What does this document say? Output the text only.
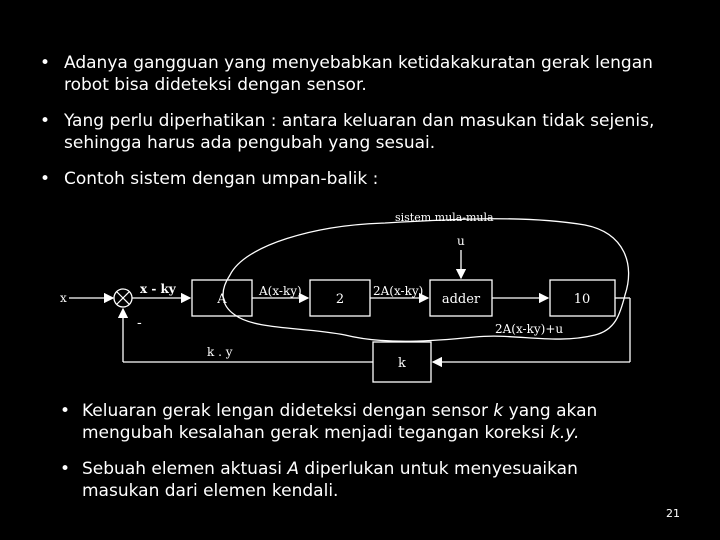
• Adanya gangguan yang menyebabkan ketidakakuratan gerak lengan robot bisa dideteksi dengan sensor.
• Yang perlu diperhatikan : antara keluaran dan masukan tidak sejenis, sehingga harus ada pengubah yang sesuai.
• Contoh sistem dengan umpan-balik :
sistem mula-mula
x
x - ky
-
A
A(x-ky)
2
2A(x-ky)
u
adder
2A(x-ky)+u
10
k
k . y
• Keluaran gerak lengan dideteksi dengan sensor k yang akan mengubah kesalahan gerak menjadi tegangan koreksi k.y.
• Sebuah elemen aktuasi A diperlukan untuk menyesuaikan masukan dari elemen kendali.
21
